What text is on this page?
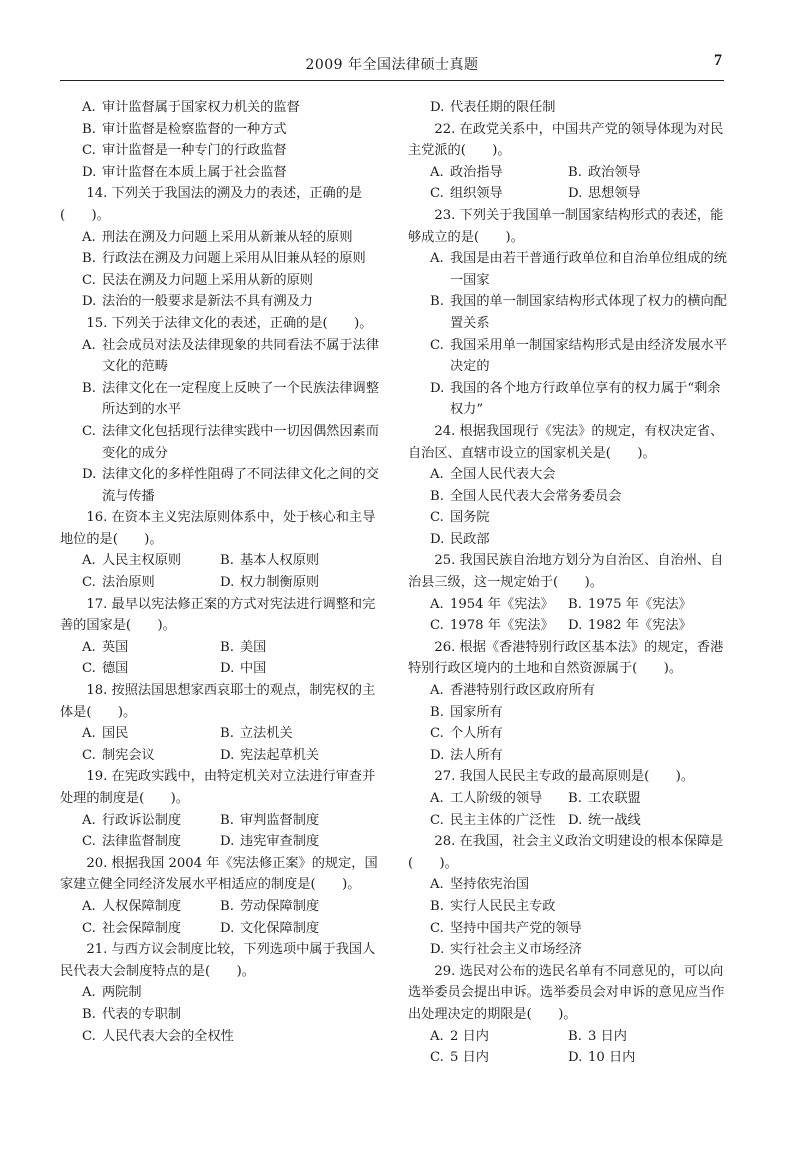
2009 年全国法律硕士真题	7
A. 审计监督属于国家权力机关的监督
B. 审计监督是检察监督的一种方式
C. 审计监督是一种专门的行政监督
D. 审计监督在本质上属于社会监督

14. 下列关于我国法的溯及力的表述，正确的是(　　)。

A. 刑法在溯及力问题上采用从新兼从轻的原则
B. 行政法在溯及力问题上采用从旧兼从轻的原则
C. 民法在溯及力问题上采用从新的原则
D. 法治的一般要求是新法不具有溯及力

15. 下列关于法律文化的表述，正确的是(　　)。

A. 社会成员对法及法律现象的共同看法不属于法律文化的范畴
B. 法律文化在一定程度上反映了一个民族法律调整所达到的水平
C. 法律文化包括现行法律实践中一切因偶然因素而变化的成分
D. 法律文化的多样性阻碍了不同法律文化之间的交流与传播

16. 在资本主义宪法原则体系中，处于核心和主导地位的是(　　)。

A. 人民主权原则	B. 基本人权原则
C. 法治原则	D. 权力制衡原则

17. 最早以宪法修正案的方式对宪法进行调整和完善的国家是(　　)。

A. 英国	B. 美国
C. 德国	D. 中国

18. 按照法国思想家西哀耶士的观点，制宪权的主体是(　　)。

A. 国民	B. 立法机关
C. 制宪会议	D. 宪法起草机关

19. 在宪政实践中，由特定机关对立法进行审查并处理的制度是(　　)。

A. 行政诉讼制度	B. 审判监督制度
C. 法律监督制度	D. 违宪审查制度

20. 根据我国 2004 年《宪法修正案》的规定，国家建立健全同经济发展水平相适应的制度是(　　)。

A. 人权保障制度	B. 劳动保障制度
C. 社会保障制度	D. 文化保障制度

21. 与西方议会制度比较，下列选项中属于我国人民代表大会制度特点的是(　　)。

A. 两院制
B. 代表的专职制
C. 人民代表大会的全权性
D. 代表任期的限任制

22. 在政党关系中，中国共产党的领导体现为对民主党派的(　　)。

A. 政治指导	B. 政治领导
C. 组织领导	D. 思想领导

23. 下列关于我国单一制国家结构形式的表述，能够成立的是(　　)。

A. 我国是由若干普通行政单位和自治单位组成的统一国家
B. 我国的单一制国家结构形式体现了权力的横向配置关系
C. 我国采用单一制国家结构形式是由经济发展水平决定的
D. 我国的各个地方行政单位享有的权力属于“剩余权力”

24. 根据我国现行《宪法》的规定，有权决定省、自治区、直辖市设立的国家机关是(　　)。

A. 全国人民代表大会
B. 全国人民代表大会常务委员会
C. 国务院
D. 民政部

25. 我国民族自治地方划分为自治区、自治州、自治县三级，这一规定始于(　　)。

A. 1954 年《宪法》	B. 1975 年《宪法》
C. 1978 年《宪法》	D. 1982 年《宪法》

26. 根据《香港特别行政区基本法》的规定，香港特别行政区境内的土地和自然资源属于(　　)。

A. 香港特别行政区政府所有
B. 国家所有
C. 个人所有
D. 法人所有

27. 我国人民民主专政的最高原则是(　　)。

A. 工人阶级的领导	B. 工农联盟
C. 民主主体的广泛性 D. 统一战线

28. 在我国，社会主义政治文明建设的根本保障是(　　)。

A. 坚持依宪治国
B. 实行人民民主专政
C. 坚持中国共产党的领导
D. 实行社会主义市场经济

29. 选民对公布的选民名单有不同意见的，可以向选举委员会提出申诉。选举委员会对申诉的意见应当作出处理决定的期限是(　　)。

A. 2 日内	B. 3 日内
C. 5 日内	D. 10 日内
